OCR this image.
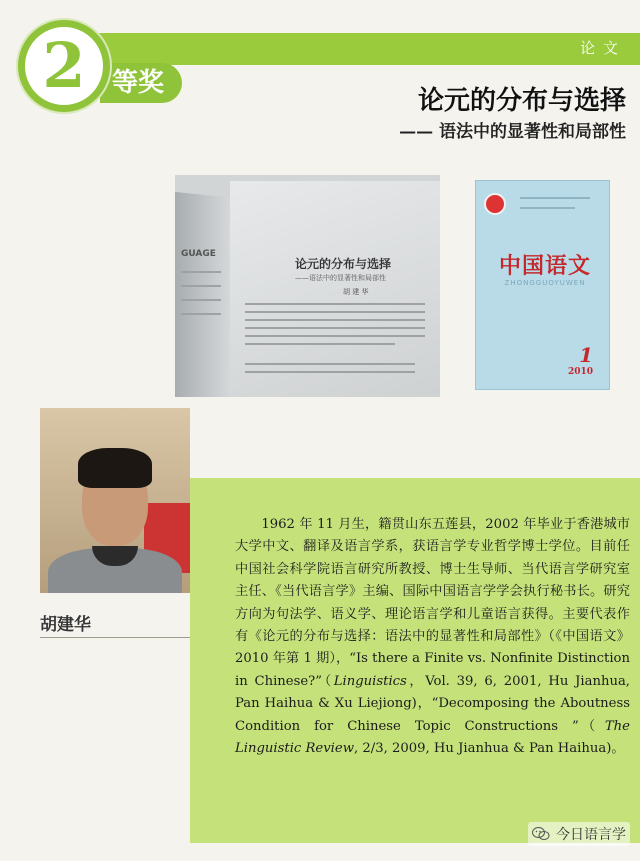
论文
等奖
2	论元的分布与选择
—— 语法中的显著性和局部性
GUAGE
论元的分布与选择
——语法中的显著性和局部性
胡 建 华
中国语文
ZHONGGUOYUWEN
1
2010
胡建华

1962 年 11 月生，籍贯山东五莲县，2002 年毕业于香港城市大学中文、翻译及语言学系，获语言学专业哲学博士学位。目前任中国社会科学院语言研究所教授、博士生导师、当代语言学研究室主任、《当代语言学》主编、国际中国语言学学会执行秘书长。研究方向为句法学、语义学、理论语言学和儿童语言获得。主要代表作有《论元的分布与选择：语法中的显著性和局部性》（《中国语文》2010 年第 1 期），“Is there a Finite vs. Nonfinite Distinction in Chinese?”（Linguistics，Vol. 39, 6, 2001, Hu Jianhua, Pan Haihua & Xu Liejiong)，“Decomposing the Aboutness Condition for Chinese Topic Constructions ”（The Linguistic Review, 2/3, 2009, Hu Jianhua & Pan Haihua)。

今日语言学
